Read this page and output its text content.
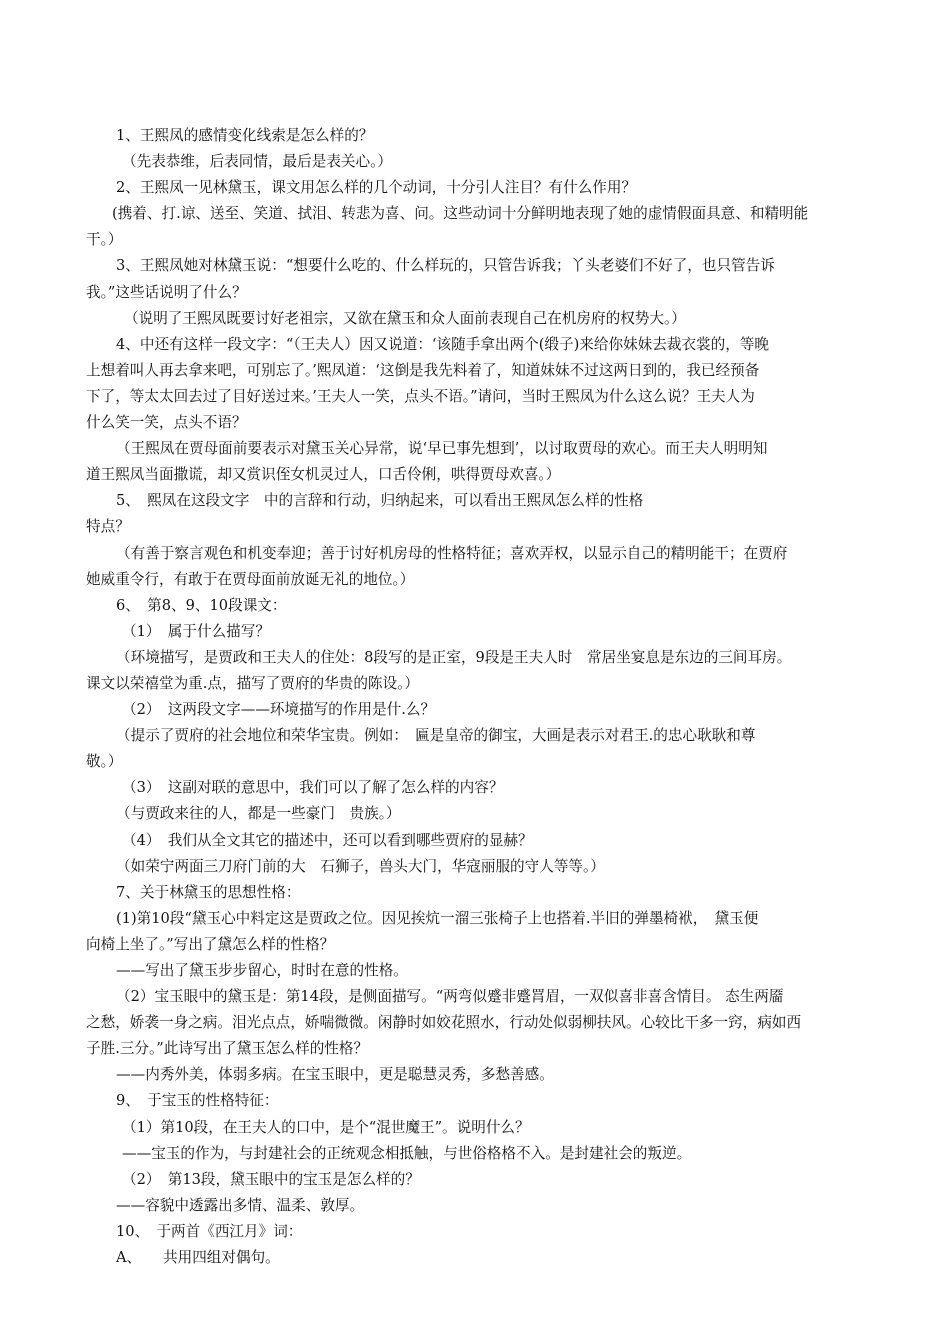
1、王熙凤的感情变化线索是怎么样的？
（先表恭维，后表同情，最后是表关心。）
2、王熙凤一见林黛玉，课文用怎么样的几个动词，十分引人注目？有什么作用？
(携着、打.谅、送至、笑道、拭泪、转悲为喜、问。这些动词十分鲜明地表现了她的虚情假面具意、和精明能
干。）
3、王熙凤她对林黛玉说：“想要什么吃的、什么样玩的，只管告诉我；丫头老婆们不好了，也只管告诉
我。”这些话说明了什么？
（说明了王熙凤既要讨好老祖宗，又欲在黛玉和众人面前表现自己在机房府的权势大。）
4、中还有这样一段文字：“（王夫人）因又说道：‘该随手拿出两个(缎子)来给你妹妹去裁衣裳的，等晚
上想着叫人再去拿来吧，可别忘了。’熙凤道：‘这倒是我先料着了，知道妹妹不过这两日到的，我已经预备
下了，等太太回去过了目好送过来。’王夫人一笑，点头不语。”请问，当时王熙凤为什么这么说？王夫人为
什么笑一笑，点头不语？
（王熙凤在贾母面前要表示对黛玉关心异常，说‘早已事先想到’，以讨取贾母的欢心。而王夫人明明知
道王熙凤当面撒谎，却又赏识侄女机灵过人，口舌伶俐，哄得贾母欢喜。）
5、　熙凤在这段文字　中的言辞和行动，归纳起来，可以看出王熙凤怎么样的性格
特点？
（有善于察言观色和机变奉迎；善于讨好机房母的性格特征；喜欢弄权，以显示自己的精明能干；在贾府
她威重令行，有敢于在贾母面前放诞无礼的地位。）
6、　第8、9、10段课文：
（1）　属于什么描写？
（环境描写，是贾政和王夫人的住处：8段写的是正室，9段是王夫人时　常居坐宴息是东边的三间耳房。
课文以荣禧堂为重.点，描写了贾府的华贵的陈设。）
（2）　这两段文字——环境描写的作用是什.么？
（提示了贾府的社会地位和荣华宝贵。例如：　匾是皇帝的御宝，大画是表示对君王.的忠心耿耿和尊
敬。）
（3）　这副对联的意思中，我们可以了解了怎么样的内容？
（与贾政来往的人，都是一些豪门　贵族。）
（4）　我们从全文其它的描述中，还可以看到哪些贾府的显赫？
（如荣宁两面三刀府门前的大　石狮子，兽头大门，华寇丽服的守人等等。）
7、关于林黛玉的思想性格：
(1)第10段“黛玉心中料定这是贾政之位。因见挨炕一溜三张椅子上也搭着.半旧的弹墨椅袱，　黛玉便
向椅上坐了。”写出了黛怎么样的性格？
——写出了黛玉步步留心，时时在意的性格。
（2）宝玉眼中的黛玉是：第14段，是侧面描写。“两弯似蹙非蹙罥眉，一双似喜非喜含情目。 态生两靥
之愁，娇袭一身之病。泪光点点，娇喘微微。闲静时如姣花照水，行动处似弱柳扶风。心较比干多一窍，病如西
子胜.三分。”此诗写出了黛玉怎么样的性格？
——内秀外美，体弱多病。在宝玉眼中，更是聪慧灵秀，多愁善感。
9、　于宝玉的性格特征：
（1）第10段，在王夫人的口中，是个“混世魔王”。说明什么？
——宝玉的作为，与封建社会的正统观念相抵触，与世俗格格不入。是封建社会的叛逆。
（2）　第13段，黛玉眼中的宝玉是怎么样的？
——容貌中透露出多情、温柔、敦厚。
10、　于两首《西江月》词：
A、　　共用四组对偶句。
